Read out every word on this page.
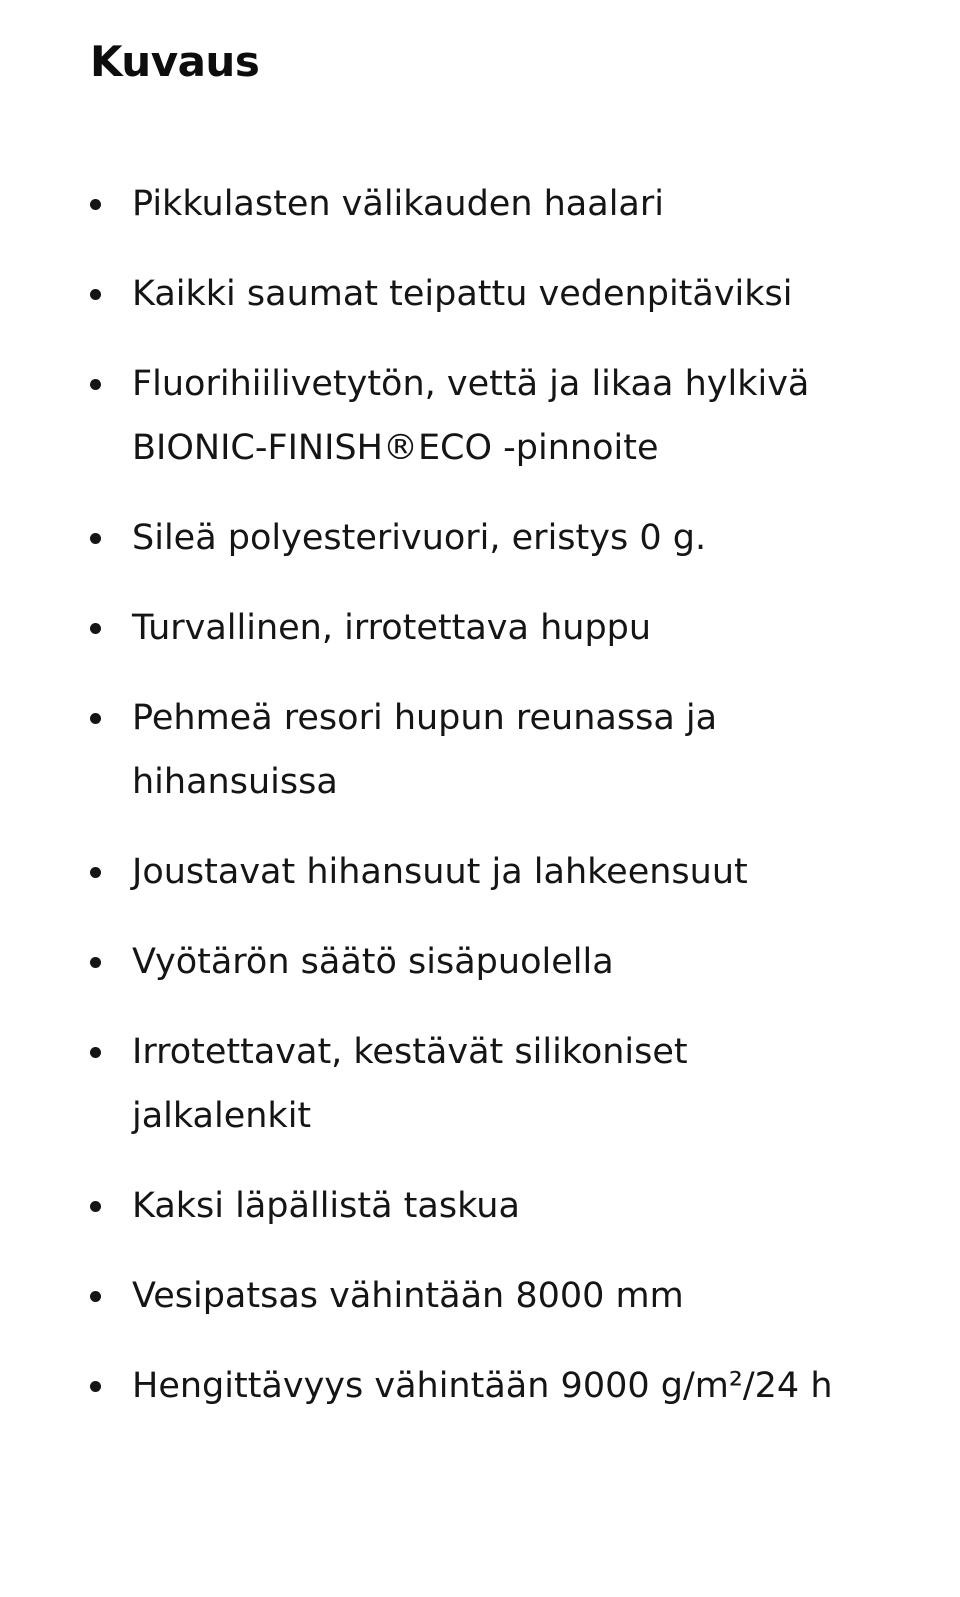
Kuvaus
Pikkulasten välikauden haalari
Kaikki saumat teipattu vedenpitäviksi
Fluorihiilivetytön, vettä ja likaa hylkivä BIONIC-FINISH®ECO -pinnoite
Sileä polyesterivuori, eristys 0 g.
Turvallinen, irrotettava huppu
Pehmeä resori hupun reunassa ja hihansuissa
Joustavat hihansuut ja lahkeensuut
Vyötärön säätö sisäpuolella
Irrotettavat, kestävät silikoniset jalkalenkit
Kaksi läpällistä taskua
Vesipatsas vähintään 8000 mm
Hengittävyys vähintään 9000 g/m²/24 h
